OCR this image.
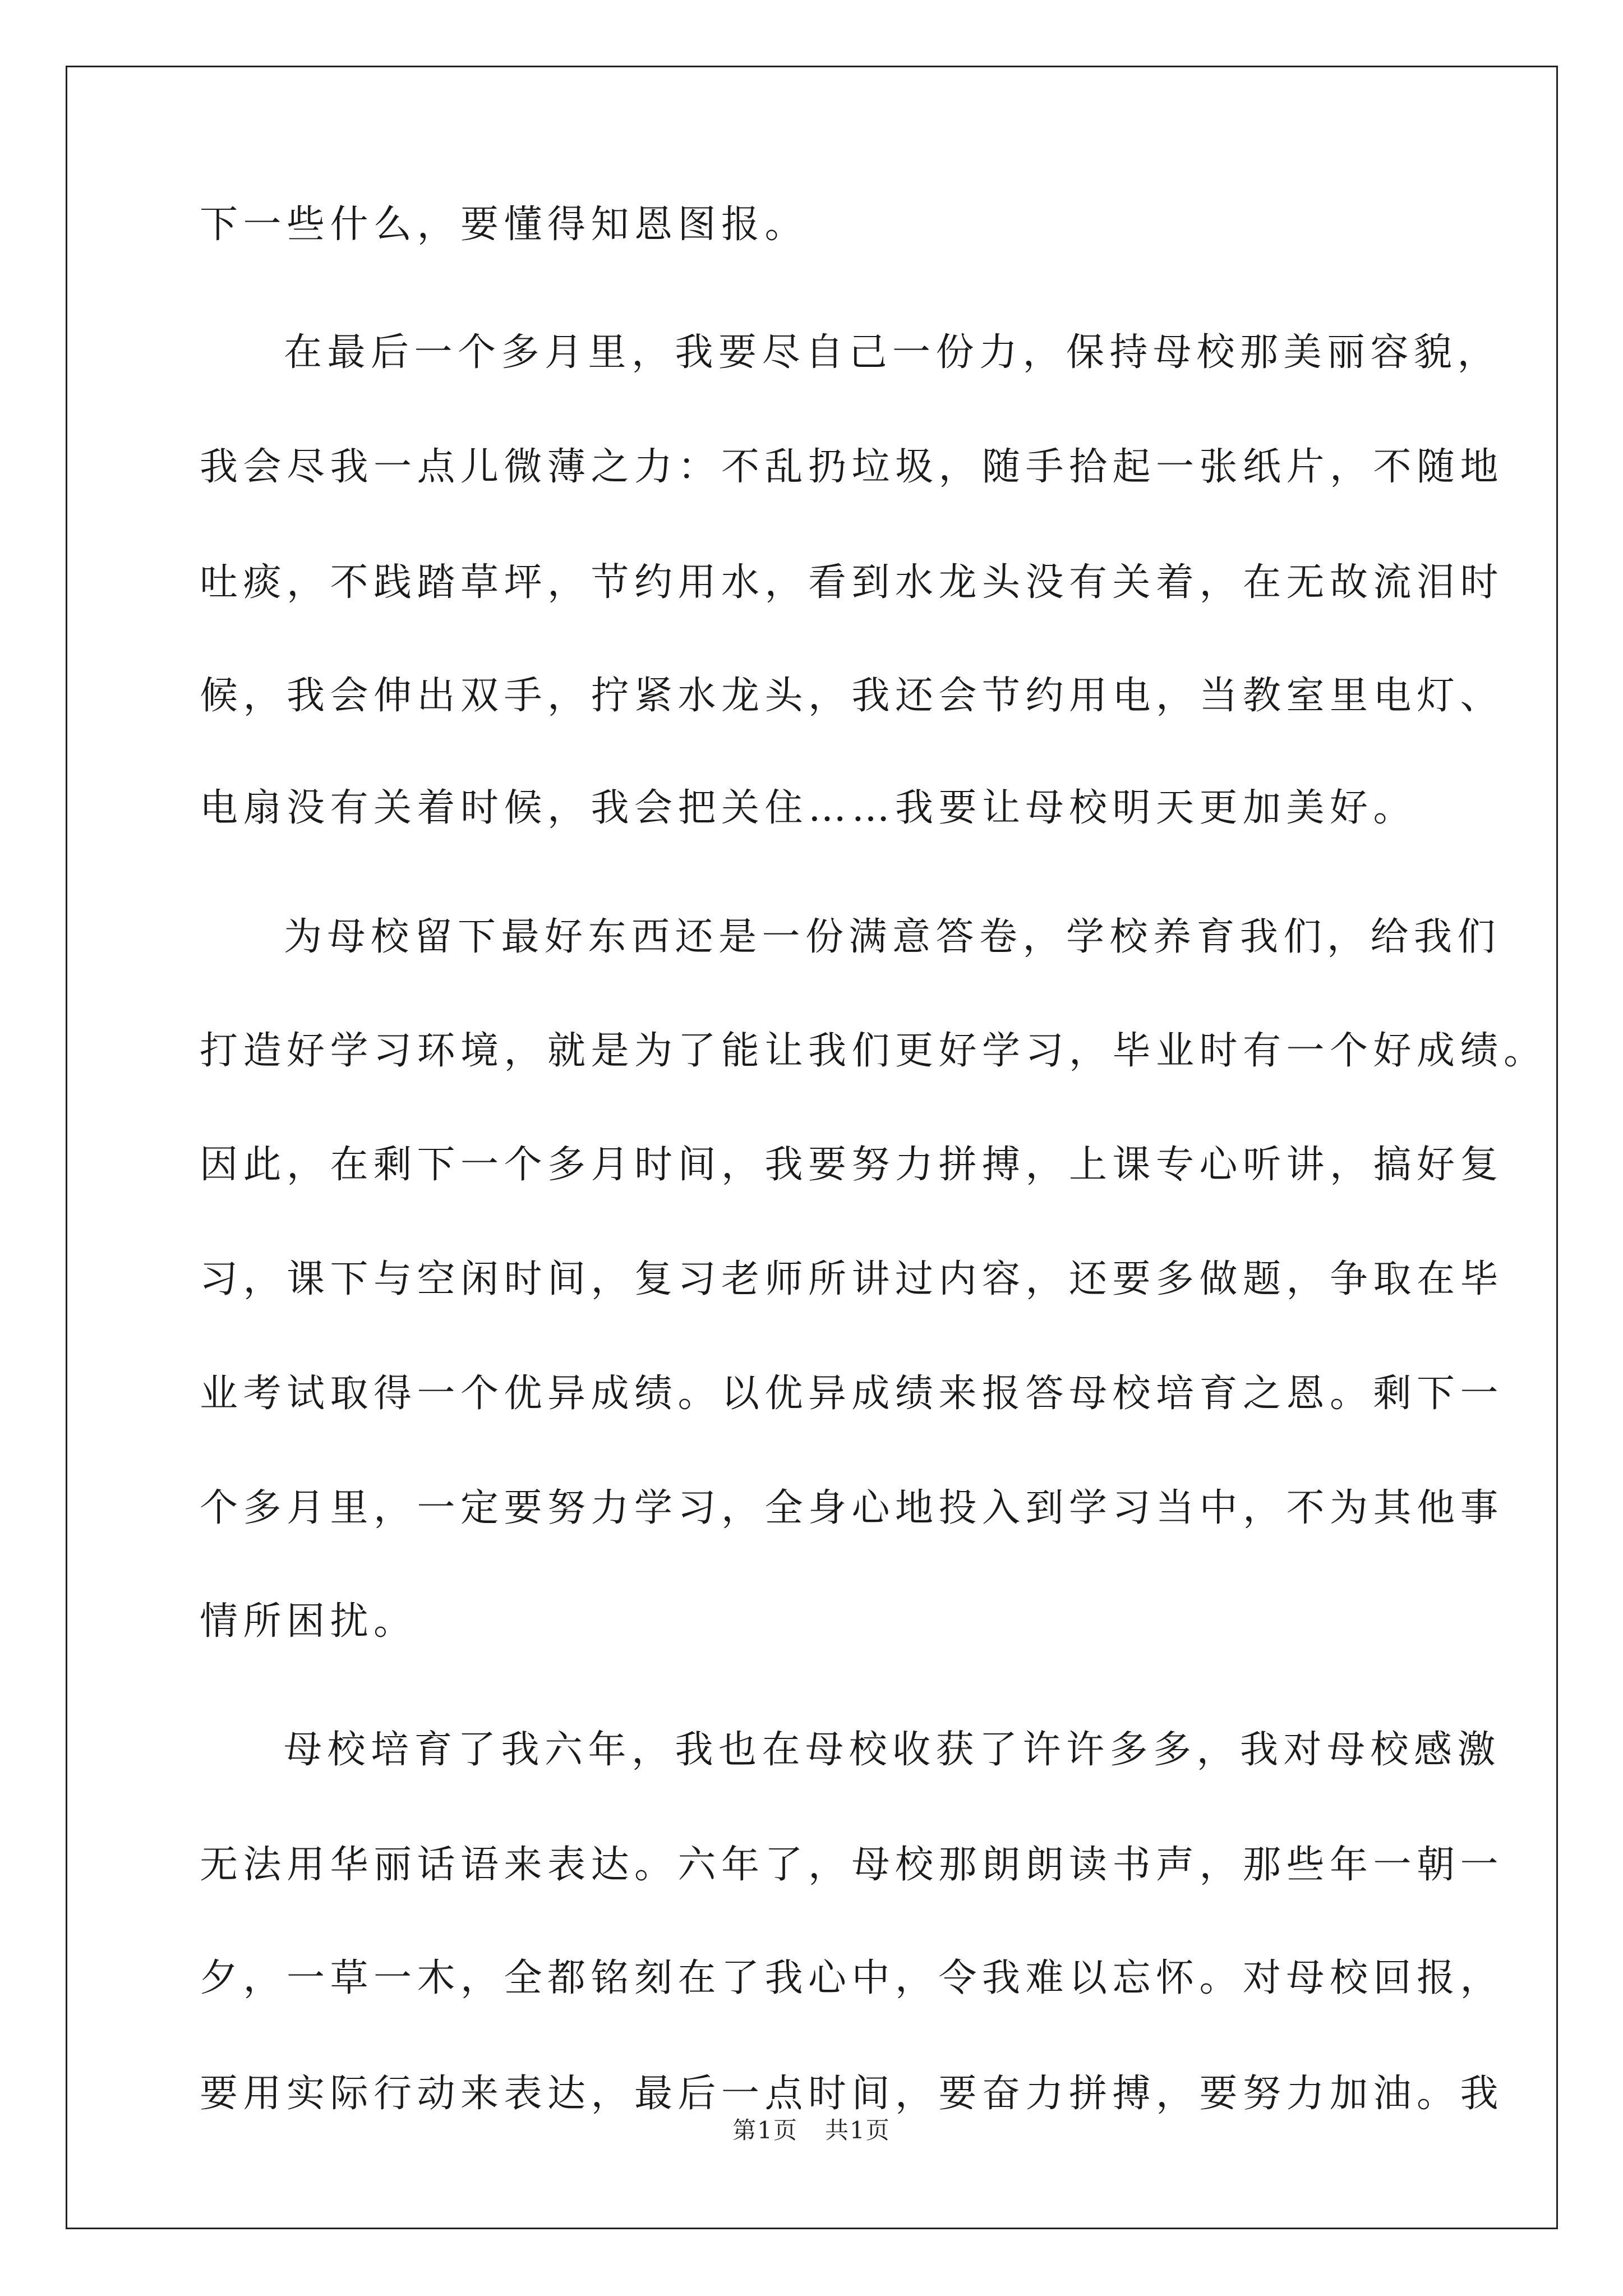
下一些什么，要懂得知恩图报。
在最后一个多月里，我要尽自己一份力，保持母校那美丽容貌，
我会尽我一点儿微薄之力：不乱扔垃圾，随手拾起一张纸片，不随地
吐痰，不践踏草坪，节约用水，看到水龙头没有关着，在无故流泪时
候，我会伸出双手，拧紧水龙头，我还会节约用电，当教室里电灯、
电扇没有关着时候，我会把关住……我要让母校明天更加美好。
为母校留下最好东西还是一份满意答卷，学校养育我们，给我们
打造好学习环境，就是为了能让我们更好学习，毕业时有一个好成绩。
因此，在剩下一个多月时间，我要努力拼搏，上课专心听讲，搞好复
习，课下与空闲时间，复习老师所讲过内容，还要多做题，争取在毕
业考试取得一个优异成绩。以优异成绩来报答母校培育之恩。剩下一
个多月里，一定要努力学习，全身心地投入到学习当中，不为其他事
情所困扰。
母校培育了我六年，我也在母校收获了许许多多，我对母校感激
无法用华丽话语来表达。六年了，母校那朗朗读书声，那些年一朝一
夕，一草一木，全都铭刻在了我心中，令我难以忘怀。对母校回报，
要用实际行动来表达，最后一点时间，要奋力拼搏，要努力加油。我
第1页 共1页
